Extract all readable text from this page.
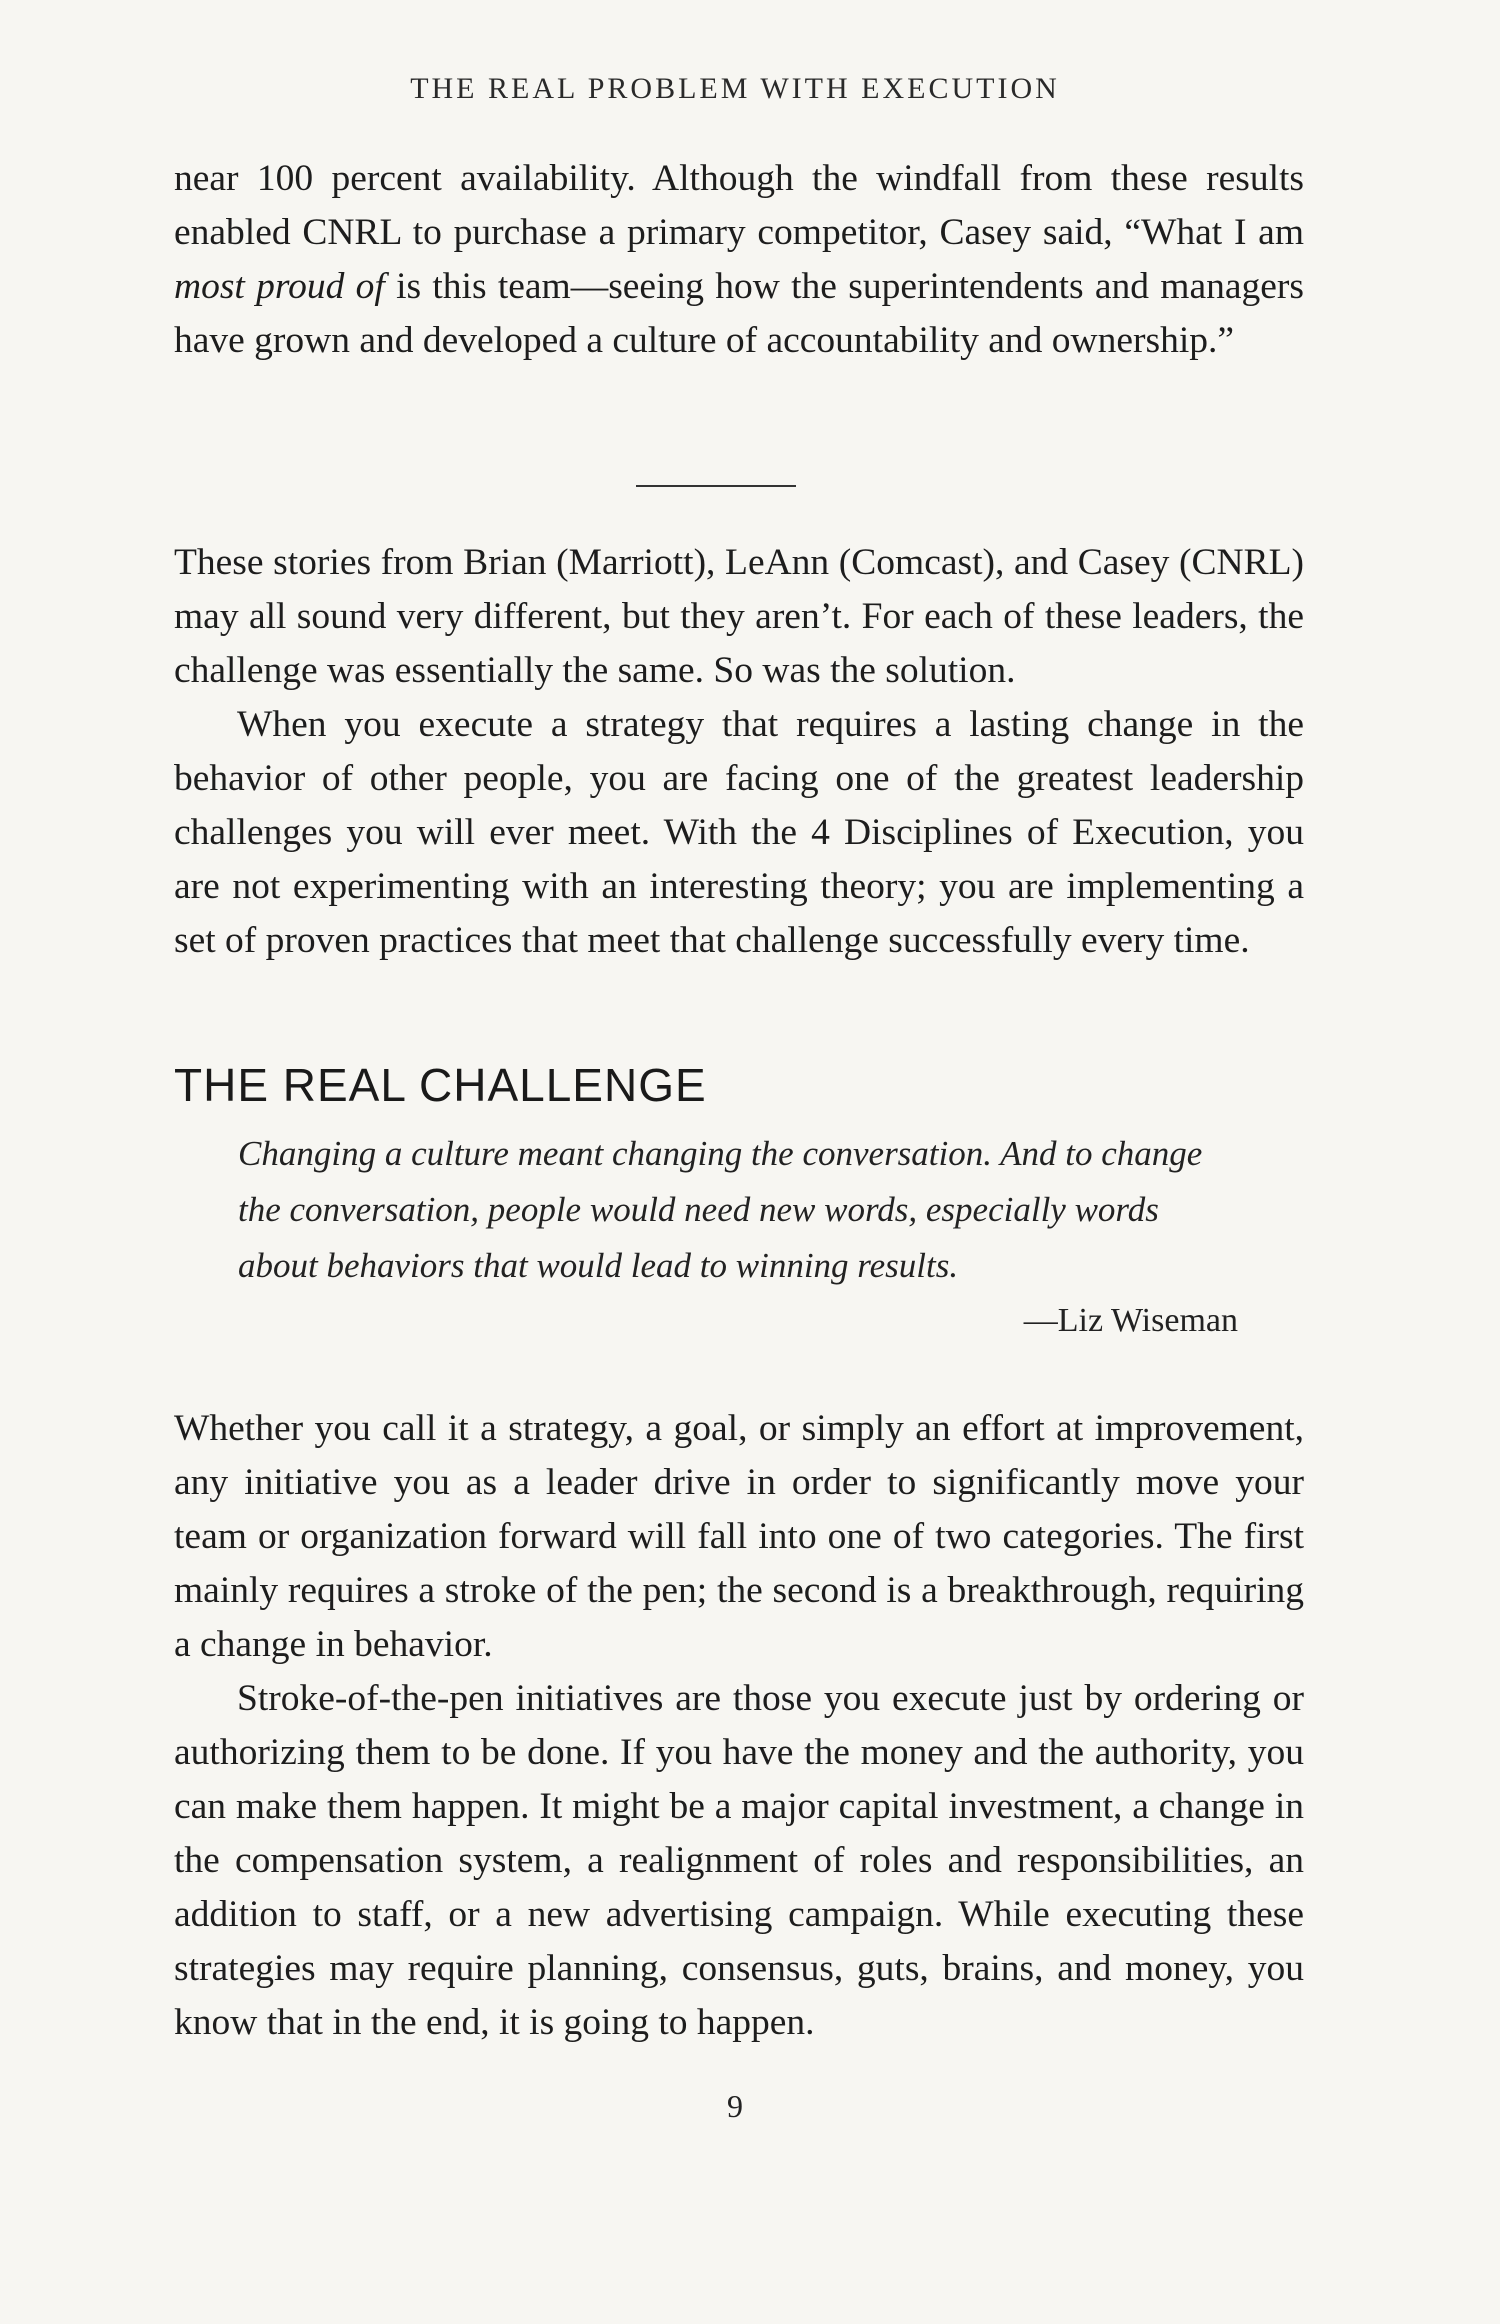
THE REAL PROBLEM WITH EXECUTION

near 100 percent availability. Although the windfall from these results enabled CNRL to purchase a primary competitor, Casey said, “What I am most proud of is this team—seeing how the superintendents and managers have grown and developed a culture of accountability and ownership.”

These stories from Brian (Marriott), LeAnn (Comcast), and Casey (CNRL) may all sound very different, but they aren’t. For each of these leaders, the challenge was essentially the same. So was the solution.

When you execute a strategy that requires a lasting change in the behavior of other people, you are facing one of the greatest leadership challenges you will ever meet. With the 4 Disciplines of Execution, you are not experimenting with an interesting theory; you are implementing a set of proven practices that meet that challenge successfully every time.

THE REAL CHALLENGE
Changing a culture meant changing the conversation. And to change the conversation, people would need new words, especially words about behaviors that would lead to winning results.
—Liz Wiseman

Whether you call it a strategy, a goal, or simply an effort at improvement, any initiative you as a leader drive in order to significantly move your team or organization forward will fall into one of two categories. The first mainly requires a stroke of the pen; the second is a breakthrough, requiring a change in behavior.

Stroke-of-the-pen initiatives are those you execute just by ordering or authorizing them to be done. If you have the money and the authority, you can make them happen. It might be a major capital investment, a change in the compensation system, a realignment of roles and responsibilities, an addition to staff, or a new advertising campaign. While executing these strategies may require planning, consensus, guts, brains, and money, you know that in the end, it is going to happen.

9
